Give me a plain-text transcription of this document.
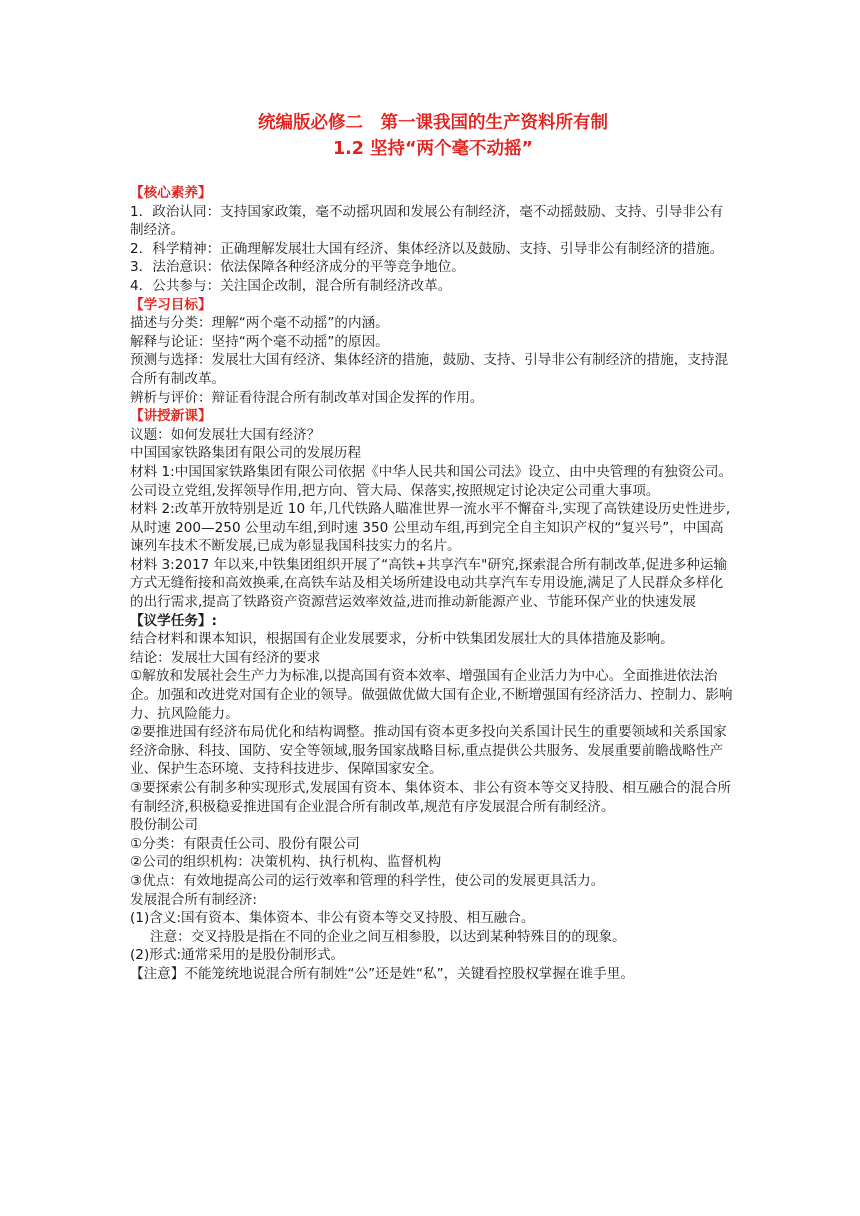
统编版必修二　第一课我国的生产资料所有制
1.2 坚持“两个毫不动摇”
【核心素养】
1．政治认同：支持国家政策，毫不动摇巩固和发展公有制经济，毫不动摇鼓励、支持、引导非公有制经济。
2．科学精神：正确理解发展壮大国有经济、集体经济以及鼓励、支持、引导非公有制经济的措施。
3．法治意识：依法保障各种经济成分的平等竞争地位。
4．公共参与：关注国企改制，混合所有制经济改革。
【学习目标】
描述与分类：理解“两个毫不动摇”的内涵。
解释与论证：坚持“两个毫不动摇”的原因。
预测与选择：发展壮大国有经济、集体经济的措施，鼓励、支持、引导非公有制经济的措施，支持混合所有制改革。
辨析与评价：辩证看待混合所有制改革对国企发挥的作用。
【讲授新课】
议题：如何发展壮大国有经济？
中国国家铁路集团有限公司的发展历程
材料 1:中国国家铁路集团有限公司依据《中华人民共和国公司法》设立、由中央管理的有独资公司。公司设立党组,发挥领导作用,把方向、管大局、保落实,按照规定讨论决定公司重大事项。
材料 2:改革开放特别是近 10 年,几代铁路人瞄准世界一流水平不懈奋斗,实现了高铁建设历史性进步,从时速 200—250 公里动车组,到时速 350 公里动车组,再到完全自主知识产权的“复兴号”，中国高谏列车技术不断发展,已成为彰显我国科技实力的名片。
材料 3:2017 年以来,中铁集团组织开展了“高铁+共享汽车"研究,探索混合所有制改革,促进多种运输方式无缝衔接和高效换乘,在高铁车站及相关场所建设电动共享汽车专用设施,满足了人民群众多样化的出行需求,提高了铁路资产资源营运效率效益,进而推动新能源产业、节能环保产业的快速发展
【议学任务】:
结合材料和课本知识，根据国有企业发展要求，分析中铁集团发展壮大的具体措施及影响。
结论：发展壮大国有经济的要求
①解放和发展社会生产力为标准,以提高国有资本效率、增强国有企业活力为中心。全面推进依法治企。加强和改进党对国有企业的领导。做强做优做大国有企业,不断增强国有经济活力、控制力、影响力、抗风险能力。
②要推进国有经济布局优化和结构调整。推动国有资本更多投向关系国计民生的重要领域和关系国家经济命脉、科技、国防、安全等领域,服务国家战略目标,重点提供公共服务、发展重要前瞻战略性产业、保护生态环境、支持科技进步、保障国家安全。
③要探索公有制多种实现形式,发展国有资本、集体资本、非公有资本等交叉持股、相互融合的混合所有制经济,积极稳妥推进国有企业混合所有制改革,规范有序发展混合所有制经济。
股份制公司
①分类：有限责任公司、股份有限公司
②公司的组织机构：决策机构、执行机构、监督机构
③优点：有效地提高公司的运行效率和管理的科学性，使公司的发展更具活力。
发展混合所有制经济:
(1)含义:国有资本、集体资本、非公有资本等交叉持股、相互融合。
注意：交叉持股是指在不同的企业之间互相参股，以达到某种特殊目的的现象。
(2)形式:通常采用的是股份制形式。
【注意】不能笼统地说混合所有制姓“公”还是姓“私”，关键看控股权掌握在谁手里。
